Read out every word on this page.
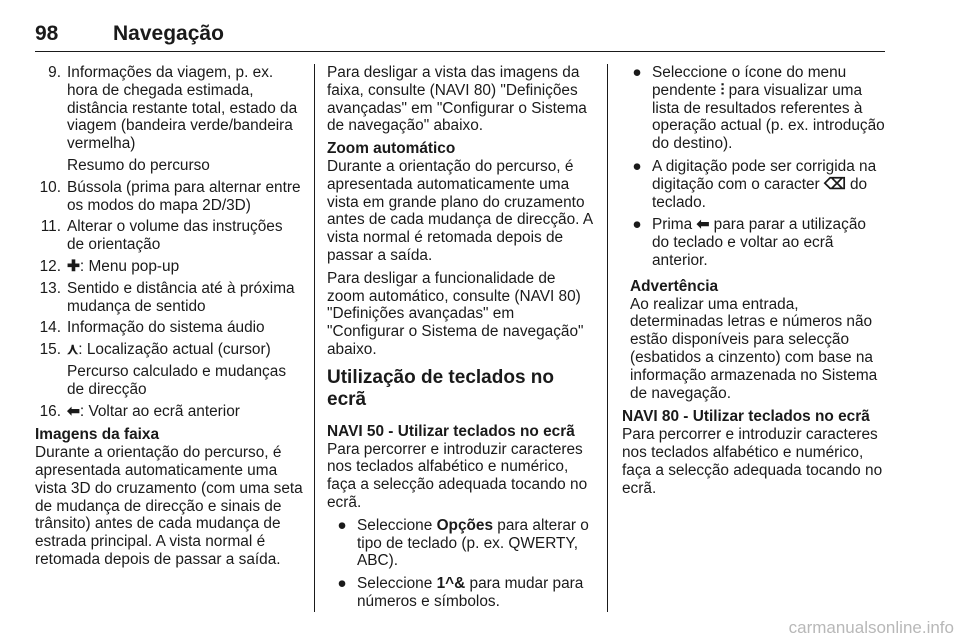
98	Navegação
9. Informações da viagem, p. ex. hora de chegada estimada, distância restante total, estado da viagem (bandeira verde/bandeira vermelha)
Resumo do percurso
10. Bússola (prima para alternar entre os modos do mapa 2D/3D)
11. Alterar o volume das instruções de orientação
12. ✚: Menu pop-up
13. Sentido e distância até à próxima mudança de sentido
14. Informação do sistema áudio
15. ⋏: Localização actual (cursor)
Percurso calculado e mudanças de direcção
16. ⬅: Voltar ao ecrã anterior
Imagens da faixa
Durante a orientação do percurso, é apresentada automaticamente uma vista 3D do cruzamento (com uma seta de mudança de direcção e sinais de trânsito) antes de cada mudança de estrada principal. A vista normal é retomada depois de passar a saída.
Para desligar a vista das imagens da faixa, consulte (NAVI 80) "Definições avançadas" em "Configurar o Sistema de navegação" abaixo.
Zoom automático
Durante a orientação do percurso, é apresentada automaticamente uma vista em grande plano do cruzamento antes de cada mudança de direcção. A vista normal é retomada depois de passar a saída.
Para desligar a funcionalidade de zoom automático, consulte (NAVI 80) "Definições avançadas" em "Configurar o Sistema de navegação" abaixo.
Utilização de teclados no ecrã
NAVI 50 - Utilizar teclados no ecrã
Para percorrer e introduzir caracteres nos teclados alfabético e numérico, faça a selecção adequada tocando no ecrã.
● Seleccione Opções para alterar o tipo de teclado (p. ex. QWERTY, ABC).
● Seleccione 1^& para mudar para números e símbolos.
● Seleccione o ícone do menu pendente ⫶ para visualizar uma lista de resultados referentes à operação actual (p. ex. introdução do destino).
● A digitação pode ser corrigida na digitação com o caracter ⌫ do teclado.
● Prima ⬅ para parar a utilização do teclado e voltar ao ecrã anterior.
Advertência
Ao realizar uma entrada, determinadas letras e números não estão disponíveis para selecção (esbatidos a cinzento) com base na informação armazenada no Sistema de navegação.
NAVI 80 - Utilizar teclados no ecrã
Para percorrer e introduzir caracteres nos teclados alfabético e numérico, faça a selecção adequada tocando no ecrã.
carmanualsonline.info
